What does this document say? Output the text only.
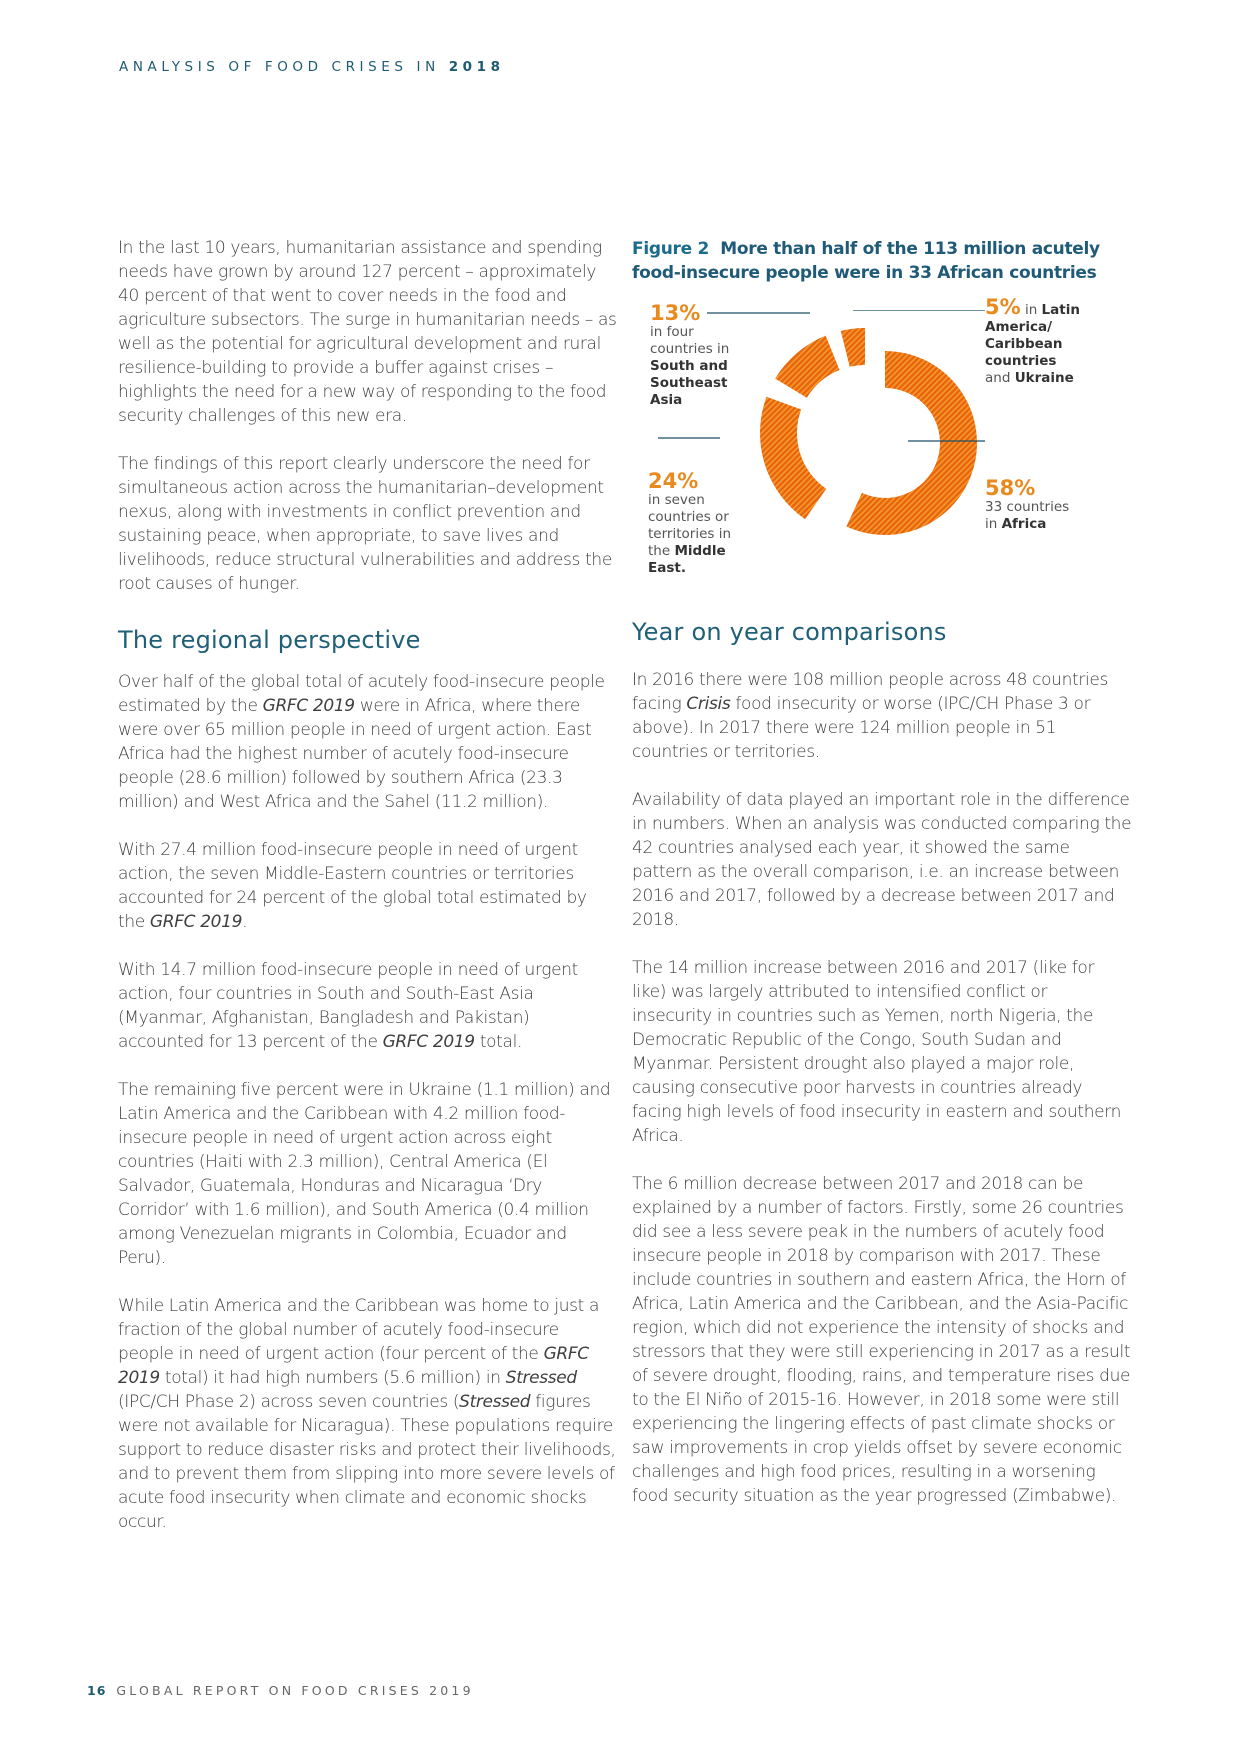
ANALYSIS OF FOOD CRISES IN 2018

In the last 10 years, humanitarian assistance and spending needs have grown by around 127 percent – approximately 40 percent of that went to cover needs in the food and agriculture subsectors. The surge in humanitarian needs – as well as the potential for agricultural development and rural resilience-building to provide a buffer against crises – highlights the need for a new way of responding to the food security challenges of this new era.

The findings of this report clearly underscore the need for simultaneous action across the humanitarian–development nexus, along with investments in conflict prevention and sustaining peace, when appropriate, to save lives and livelihoods, reduce structural vulnerabilities and address the root causes of hunger.

The regional perspective

Over half of the global total of acutely food-insecure people estimated by the GRFC 2019 were in Africa, where there were over 65 million people in need of urgent action. East Africa had the highest number of acutely food-insecure people (28.6 million) followed by southern Africa (23.3 million) and West Africa and the Sahel (11.2 million).

With 27.4 million food-insecure people in need of urgent action, the seven Middle-Eastern countries or territories accounted for 24 percent of the global total estimated by the GRFC 2019.

With 14.7 million food-insecure people in need of urgent action, four countries in South and South-East Asia (Myanmar, Afghanistan, Bangladesh and Pakistan) accounted for 13 percent of the GRFC 2019 total.

The remaining five percent were in Ukraine (1.1 million) and Latin America and the Caribbean with 4.2 million food-insecure people in need of urgent action across eight countries (Haiti with 2.3 million), Central America (El Salvador, Guatemala, Honduras and Nicaragua ‘Dry Corridor’ with 1.6 million), and South America (0.4 million among Venezuelan migrants in Colombia, Ecuador and Peru).

While Latin America and the Caribbean was home to just a fraction of the global number of acutely food-insecure people in need of urgent action (four percent of the GRFC 2019 total) it had high numbers (5.6 million) in Stressed (IPC/CH Phase 2) across seven countries (Stressed figures were not available for Nicaragua). These populations require support to reduce disaster risks and protect their livelihoods, and to prevent them from slipping into more severe levels of acute food insecurity when climate and economic shocks occur.

Figure 2 More than half of the 113 million acutely food-insecure people were in 33 African countries
13%
in four
countries in
South and
Southeast
Asia
24%
in seven
countries or
territories in
the Middle
East.
5% in Latin
America/
Caribbean
countries
and Ukraine
58%
33 countries
in Africa
Year on year comparisons

In 2016 there were 108 million people across 48 countries facing Crisis food insecurity or worse (IPC/CH Phase 3 or above). In 2017 there were 124 million people in 51 countries or territories.

Availability of data played an important role in the difference in numbers. When an analysis was conducted comparing the 42 countries analysed each year, it showed the same pattern as the overall comparison, i.e. an increase between 2016 and 2017, followed by a decrease between 2017 and 2018.

The 14 million increase between 2016 and 2017 (like for like) was largely attributed to intensified conflict or insecurity in countries such as Yemen, north Nigeria, the Democratic Republic of the Congo, South Sudan and Myanmar. Persistent drought also played a major role, causing consecutive poor harvests in countries already facing high levels of food insecurity in eastern and southern Africa.

The 6 million decrease between 2017 and 2018 can be explained by a number of factors. Firstly, some 26 countries did see a less severe peak in the numbers of acutely food insecure people in 2018 by comparison with 2017. These include countries in southern and eastern Africa, the Horn of Africa, Latin America and the Caribbean, and the Asia-Pacific region, which did not experience the intensity of shocks and stressors that they were still experiencing in 2017 as a result of severe drought, flooding, rains, and temperature rises due to the El Niño of 2015-16. However, in 2018 some were still experiencing the lingering effects of past climate shocks or saw improvements in crop yields offset by severe economic challenges and high food prices, resulting in a worsening food security situation as the year progressed (Zimbabwe).

16 GLOBAL REPORT ON FOOD CRISES 2019
